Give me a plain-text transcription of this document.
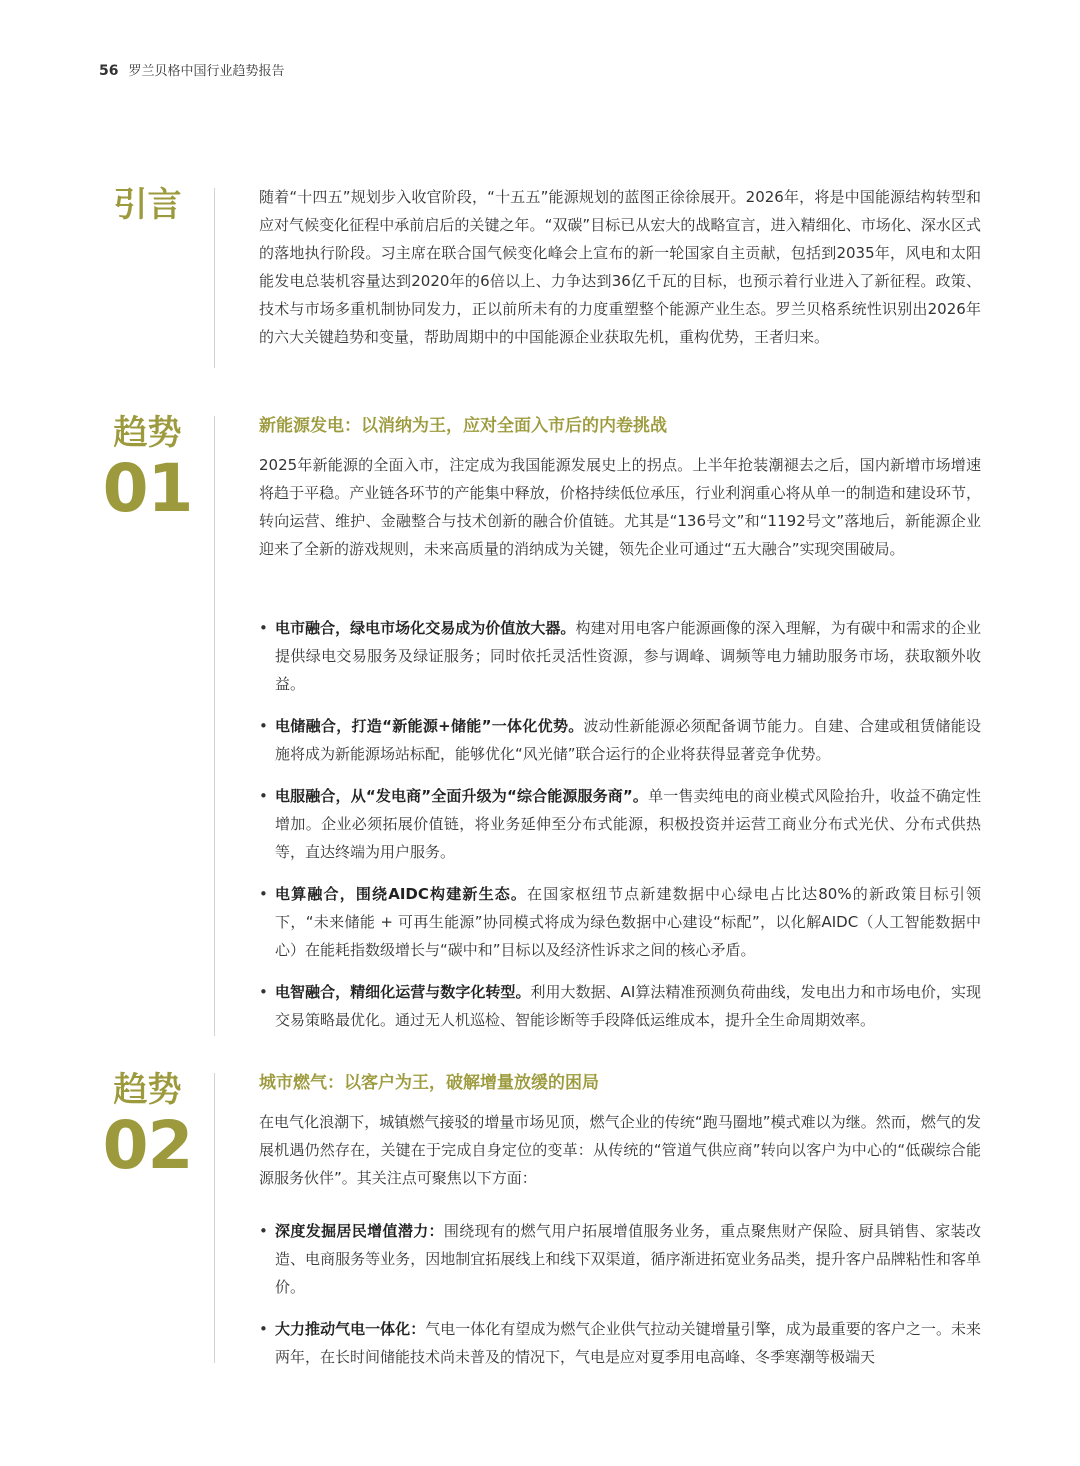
56 罗兰贝格中国行业趋势报告
引言	随着“十四五”规划步入收官阶段，“十五五”能源规划的蓝图正徐徐展开。2026年，将是中国能源结构转型和应对气候变化征程中承前启后的关键之年。“双碳”目标已从宏大的战略宣言，进入精细化、市场化、深水区式的落地执行阶段。习主席在联合国气候变化峰会上宣布的新一轮国家自主贡献，包括到2035年，风电和太阳能发电总装机容量达到2020年的6倍以上、力争达到36亿千瓦的目标，也预示着行业进入了新征程。政策、技术与市场多重机制协同发力，正以前所未有的力度重塑整个能源产业生态。罗兰贝格系统性识别出2026年的六大关键趋势和变量，帮助周期中的中国能源企业获取先机，重构优势，王者归来。

趋势
01
新能源发电：以消纳为王，应对全面入市后的内卷挑战

2025年新能源的全面入市，注定成为我国能源发展史上的拐点。上半年抢装潮褪去之后，国内新增市场增速将趋于平稳。产业链各环节的产能集中释放，价格持续低位承压，行业利润重心将从单一的制造和建设环节，转向运营、维护、金融整合与技术创新的融合价值链。尤其是“136号文”和“1192号文”落地后，新能源企业迎来了全新的游戏规则，未来高质量的消纳成为关键，领先企业可通过“五大融合”实现突围破局。

• 电市融合，绿电市场化交易成为价值放大器。构建对用电客户能源画像的深入理解，为有碳中和需求的企业提供绿电交易服务及绿证服务；同时依托灵活性资源，参与调峰、调频等电力辅助服务市场，获取额外收益。
• 电储融合，打造“新能源+储能”一体化优势。波动性新能源必须配备调节能力。自建、合建或租赁储能设施将成为新能源场站标配，能够优化“风光储”联合运行的企业将获得显著竞争优势。
• 电服融合，从“发电商”全面升级为“综合能源服务商”。单一售卖纯电的商业模式风险抬升，收益不确定性增加。企业必须拓展价值链，将业务延伸至分布式能源，积极投资并运营工商业分布式光伏、分布式供热等，直达终端为用户服务。
• 电算融合，围绕AIDC构建新生态。在国家枢纽节点新建数据中心绿电占比达80%的新政策目标引领下，“未来储能 + 可再生能源”协同模式将成为绿色数据中心建设“标配”，以化解AIDC（人工智能数据中心）在能耗指数级增长与“碳中和”目标以及经济性诉求之间的核心矛盾。
• 电智融合，精细化运营与数字化转型。利用大数据、AI算法精准预测负荷曲线，发电出力和市场电价，实现交易策略最优化。通过无人机巡检、智能诊断等手段降低运维成本，提升全生命周期效率。
趋势
02
城市燃气：以客户为王，破解增量放缓的困局

在电气化浪潮下，城镇燃气接驳的增量市场见顶，燃气企业的传统“跑马圈地”模式难以为继。然而，燃气的发展机遇仍然存在，关键在于完成自身定位的变革：从传统的“管道气供应商”转向以客户为中心的“低碳综合能源服务伙伴”。其关注点可聚焦以下方面：

• 深度发掘居民增值潜力：围绕现有的燃气用户拓展增值服务业务，重点聚焦财产保险、厨具销售、家装改造、电商服务等业务，因地制宜拓展线上和线下双渠道，循序渐进拓宽业务品类，提升客户品牌粘性和客单价。
• 大力推动气电一体化：气电一体化有望成为燃气企业供气拉动关键增量引擎，成为最重要的客户之一。未来两年，在长时间储能技术尚未普及的情况下，气电是应对夏季用电高峰、冬季寒潮等极端天
